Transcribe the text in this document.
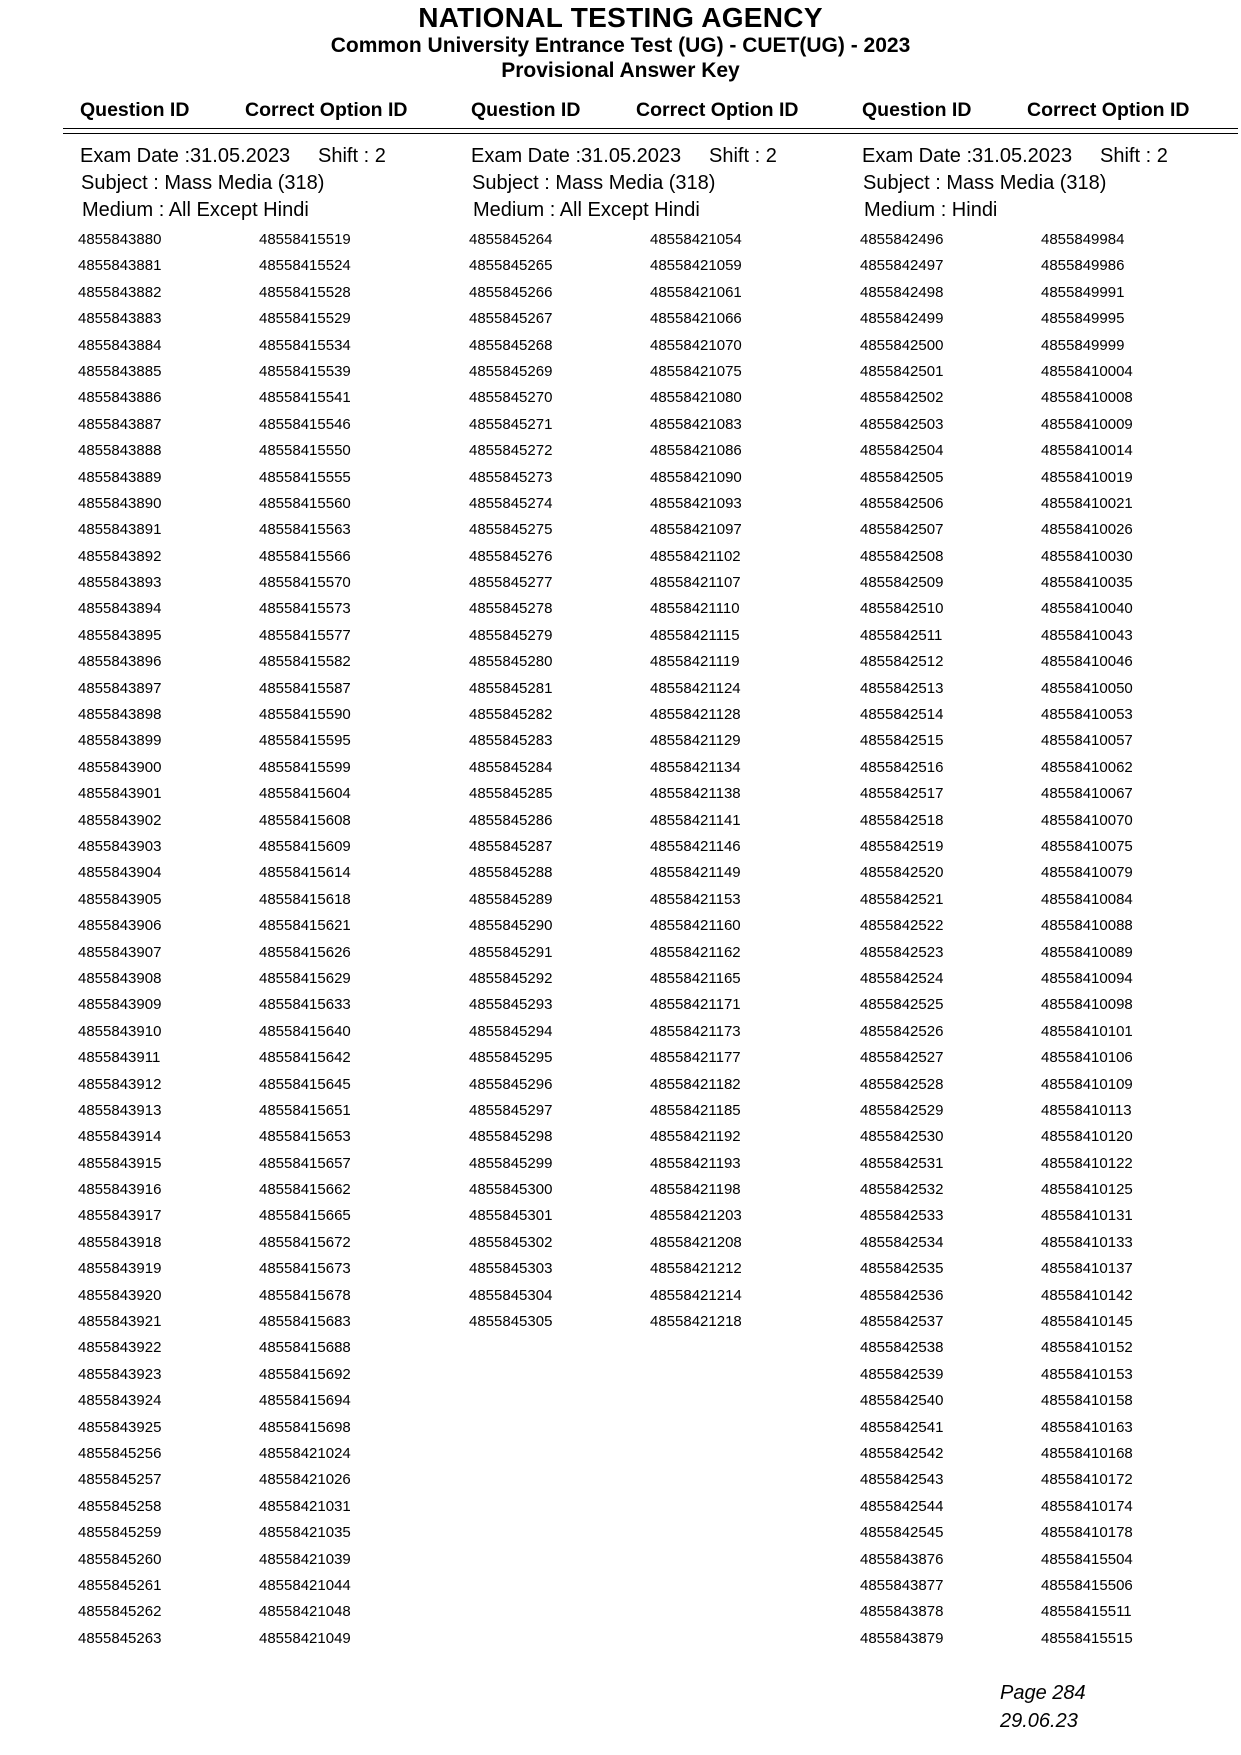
NATIONAL TESTING AGENCY
Common University Entrance Test (UG) - CUET(UG) - 2023
Provisional Answer Key
Question ID	Correct Option ID	Question ID	Correct Option ID	Question ID	Correct Option ID
Exam Date :31.05.2023 Shift : 2
Subject : Mass Media (318)
Medium : All Except Hindi
Exam Date :31.05.2023 Shift : 2
Subject : Mass Media (318)
Medium : All Except Hindi
Exam Date :31.05.2023 Shift : 2
Subject : Mass Media (318)
Medium : Hindi
4855843880	48558415519
4855843881	48558415524
4855843882	48558415528
4855843883	48558415529
4855843884	48558415534
4855843885	48558415539
4855843886	48558415541
4855843887	48558415546
4855843888	48558415550
4855843889	48558415555
4855843890	48558415560
4855843891	48558415563
4855843892	48558415566
4855843893	48558415570
4855843894	48558415573
4855843895	48558415577
4855843896	48558415582
4855843897	48558415587
4855843898	48558415590
4855843899	48558415595
4855843900	48558415599
4855843901	48558415604
4855843902	48558415608
4855843903	48558415609
4855843904	48558415614
4855843905	48558415618
4855843906	48558415621
4855843907	48558415626
4855843908	48558415629
4855843909	48558415633
4855843910	48558415640
4855843911	48558415642
4855843912	48558415645
4855843913	48558415651
4855843914	48558415653
4855843915	48558415657
4855843916	48558415662
4855843917	48558415665
4855843918	48558415672
4855843919	48558415673
4855843920	48558415678
4855843921	48558415683
4855843922	48558415688
4855843923	48558415692
4855843924	48558415694
4855843925	48558415698
4855845256	48558421024
4855845257	48558421026
4855845258	48558421031
4855845259	48558421035
4855845260	48558421039
4855845261	48558421044
4855845262	48558421048
4855845263	48558421049
4855845264	48558421054
4855845265	48558421059
4855845266	48558421061
4855845267	48558421066
4855845268	48558421070
4855845269	48558421075
4855845270	48558421080
4855845271	48558421083
4855845272	48558421086
4855845273	48558421090
4855845274	48558421093
4855845275	48558421097
4855845276	48558421102
4855845277	48558421107
4855845278	48558421110
4855845279	48558421115
4855845280	48558421119
4855845281	48558421124
4855845282	48558421128
4855845283	48558421129
4855845284	48558421134
4855845285	48558421138
4855845286	48558421141
4855845287	48558421146
4855845288	48558421149
4855845289	48558421153
4855845290	48558421160
4855845291	48558421162
4855845292	48558421165
4855845293	48558421171
4855845294	48558421173
4855845295	48558421177
4855845296	48558421182
4855845297	48558421185
4855845298	48558421192
4855845299	48558421193
4855845300	48558421198
4855845301	48558421203
4855845302	48558421208
4855845303	48558421212
4855845304	48558421214
4855845305	48558421218
4855842496	4855849984
4855842497	4855849986
4855842498	4855849991
4855842499	4855849995
4855842500	4855849999
4855842501	48558410004
4855842502	48558410008
4855842503	48558410009
4855842504	48558410014
4855842505	48558410019
4855842506	48558410021
4855842507	48558410026
4855842508	48558410030
4855842509	48558410035
4855842510	48558410040
4855842511	48558410043
4855842512	48558410046
4855842513	48558410050
4855842514	48558410053
4855842515	48558410057
4855842516	48558410062
4855842517	48558410067
4855842518	48558410070
4855842519	48558410075
4855842520	48558410079
4855842521	48558410084
4855842522	48558410088
4855842523	48558410089
4855842524	48558410094
4855842525	48558410098
4855842526	48558410101
4855842527	48558410106
4855842528	48558410109
4855842529	48558410113
4855842530	48558410120
4855842531	48558410122
4855842532	48558410125
4855842533	48558410131
4855842534	48558410133
4855842535	48558410137
4855842536	48558410142
4855842537	48558410145
4855842538	48558410152
4855842539	48558410153
4855842540	48558410158
4855842541	48558410163
4855842542	48558410168
4855842543	48558410172
4855842544	48558410174
4855842545	48558410178
4855843876	48558415504
4855843877	48558415506
4855843878	48558415511
4855843879	48558415515
Page 284
29.06.23
